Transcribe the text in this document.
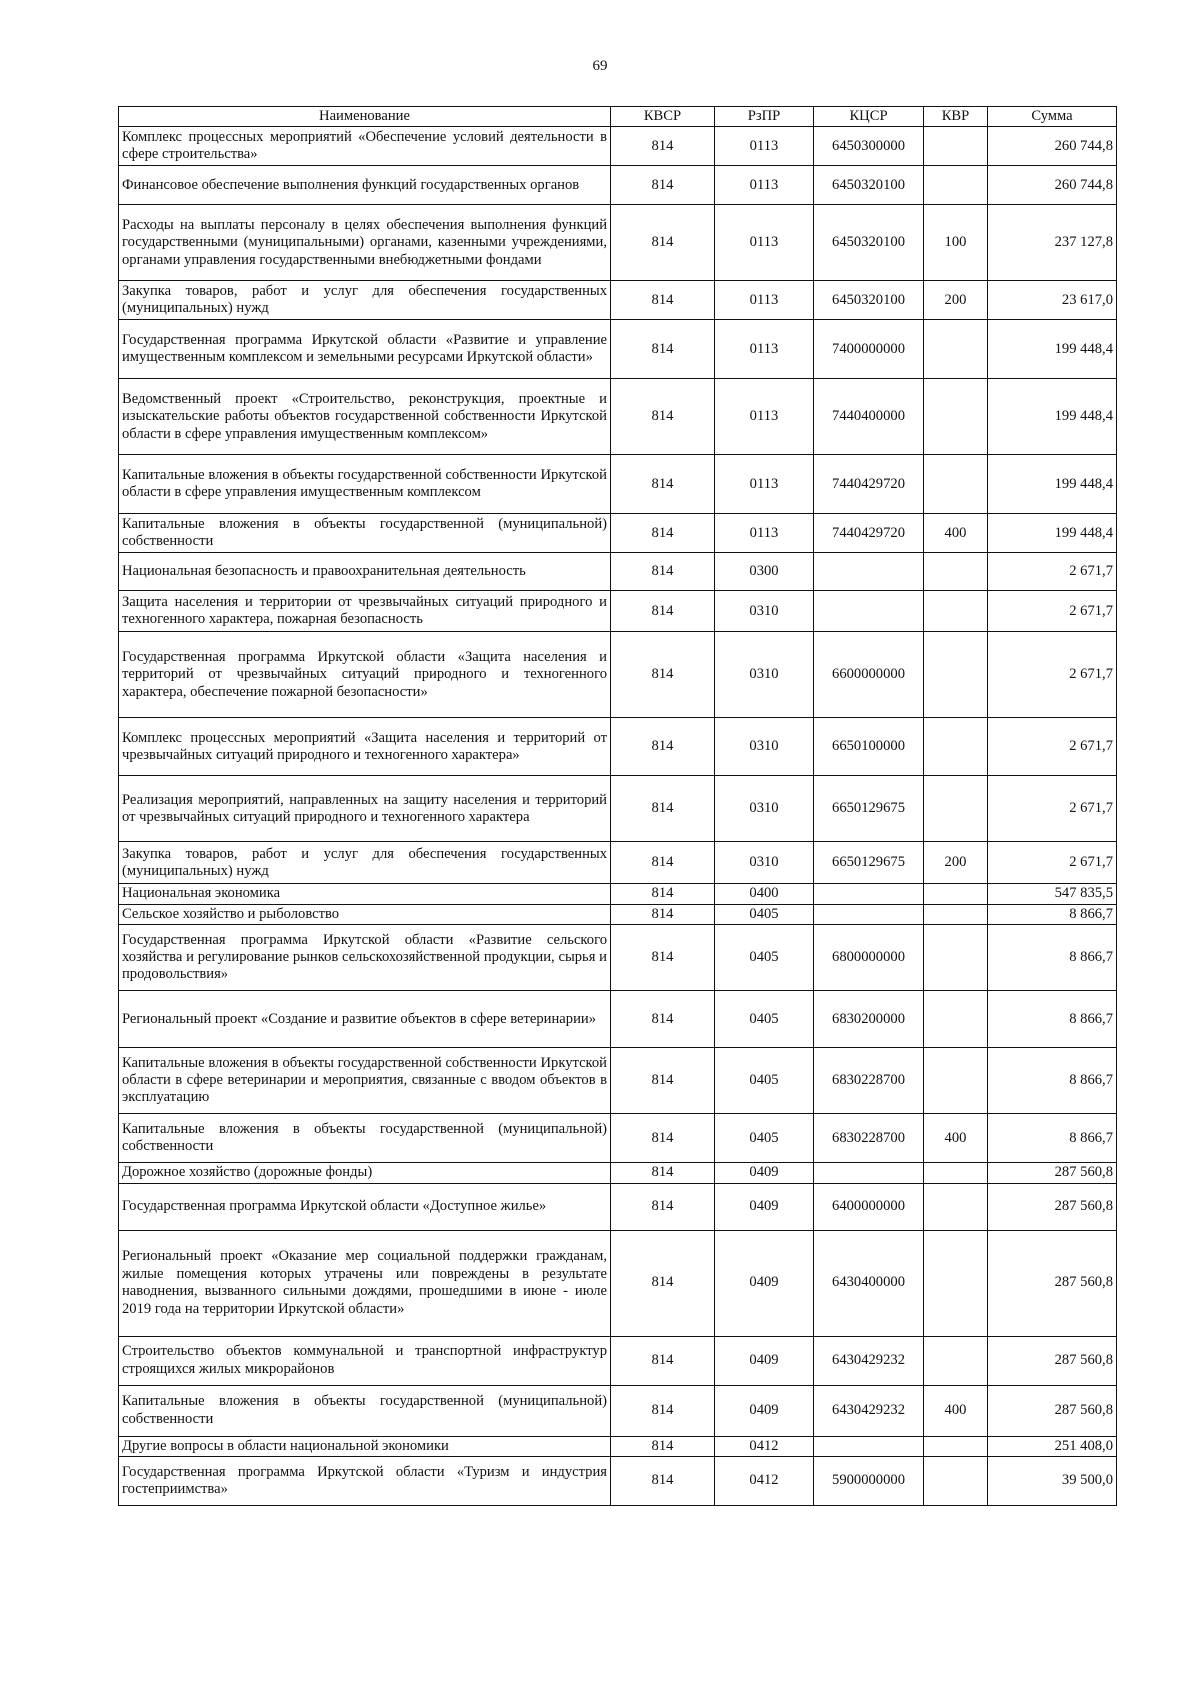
69
Наименование	КВСР	РзПР	КЦСР	КВР	Сумма
Комплекс процессных мероприятий «Обеспечение условий деятельности в сфере строительства»	814	0113	6450300000		260 744,8
Финансовое обеспечение выполнения функций государственных органов	814	0113	6450320100		260 744,8
Расходы на выплаты персоналу в целях обеспечения выполнения функций государственными (муниципальными) органами, казенными учреждениями, органами управления государственными внебюджетными фондами	814	0113	6450320100	100	237 127,8
Закупка товаров, работ и услуг для обеспечения государственных (муниципальных) нужд	814	0113	6450320100	200	23 617,0
Государственная программа Иркутской области «Развитие и управление имущественным комплексом и земельными ресурсами Иркутской области»	814	0113	7400000000		199 448,4
Ведомственный проект «Строительство, реконструкция, проектные и изыскательские работы объектов государственной собственности Иркутской области в сфере управления имущественным комплексом»	814	0113	7440400000		199 448,4
Капитальные вложения в объекты государственной собственности Иркутской области в сфере управления имущественным комплексом	814	0113	7440429720		199 448,4
Капитальные вложения в объекты государственной (муниципальной) собственности	814	0113	7440429720	400	199 448,4
Национальная безопасность и правоохранительная деятельность	814	0300			2 671,7
Защита населения и территории от чрезвычайных ситуаций природного и техногенного характера, пожарная безопасность	814	0310			2 671,7
Государственная программа Иркутской области «Защита населения и территорий от чрезвычайных ситуаций природного и техногенного характера, обеспечение пожарной безопасности»	814	0310	6600000000		2 671,7
Комплекс процессных мероприятий «Защита населения и территорий от чрезвычайных ситуаций природного и техногенного характера»	814	0310	6650100000		2 671,7
Реализация мероприятий, направленных на защиту населения и территорий от чрезвычайных ситуаций природного и техногенного характера	814	0310	6650129675		2 671,7
Закупка товаров, работ и услуг для обеспечения государственных (муниципальных) нужд	814	0310	6650129675	200	2 671,7
Национальная экономика	814	0400			547 835,5
Сельское хозяйство и рыболовство	814	0405			8 866,7
Государственная программа Иркутской области «Развитие сельского хозяйства и регулирование рынков сельскохозяйственной продукции, сырья и продовольствия»	814	0405	6800000000		8 866,7
Региональный проект «Создание и развитие объектов в сфере ветеринарии»	814	0405	6830200000		8 866,7
Капитальные вложения в объекты государственной собственности Иркутской области в сфере ветеринарии и мероприятия, связанные с вводом объектов в эксплуатацию	814	0405	6830228700		8 866,7
Капитальные вложения в объекты государственной (муниципальной) собственности	814	0405	6830228700	400	8 866,7
Дорожное хозяйство (дорожные фонды)	814	0409			287 560,8
Государственная программа Иркутской области «Доступное жилье»	814	0409	6400000000		287 560,8
Региональный проект «Оказание мер социальной поддержки гражданам, жилые помещения которых утрачены или повреждены в результате наводнения, вызванного сильными дождями, прошедшими в июне - июле 2019 года на территории Иркутской области»	814	0409	6430400000		287 560,8
Строительство объектов коммунальной и транспортной инфраструктур строящихся жилых микрорайонов	814	0409	6430429232		287 560,8
Капитальные вложения в объекты государственной (муниципальной) собственности	814	0409	6430429232	400	287 560,8
Другие вопросы в области национальной экономики	814	0412			251 408,0
Государственная программа Иркутской области «Туризм и индустрия гостеприимства»	814	0412	5900000000		39 500,0
